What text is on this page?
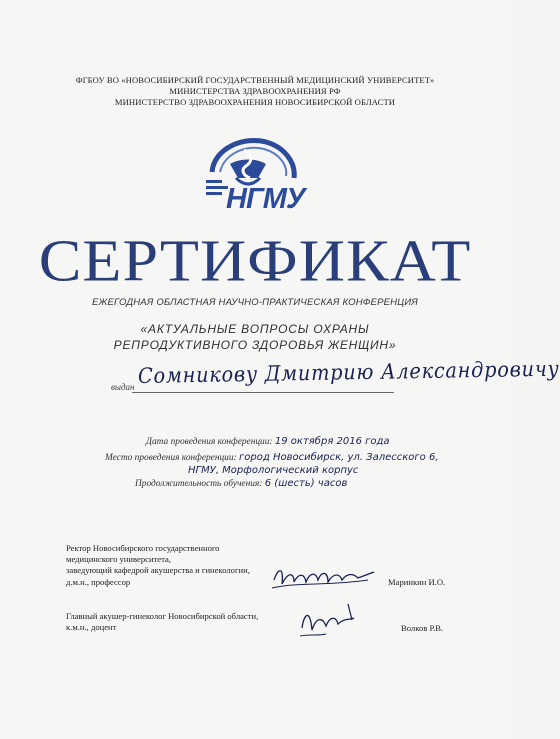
ФГБОУ ВО «НОВОСИБИРСКИЙ ГОСУДАРСТВЕННЫЙ МЕДИЦИНСКИЙ УНИВЕРСИТЕТ»
МИНИСТЕРСТВА ЗДРАВООХРАНЕНИЯ РФ
МИНИСТЕРСТВО ЗДРАВООХРАНЕНИЯ НОВОСИБИРСКОЙ ОБЛАСТИ
НГМУ
СЕРТИФИКАТ
ЕЖЕГОДНАЯ ОБЛАСТНАЯ НАУЧНО-ПРАКТИЧЕСКАЯ КОНФЕРЕНЦИЯ
«АКТУАЛЬНЫЕ ВОПРОСЫ ОХРАНЫ
РЕПРОДУКТИВНОГО ЗДОРОВЬЯ ЖЕНЩИН»
выдан Сомникову Дмитрию Александровичу
Дата проведения конференции: 19 октября 2016 года
Место проведения конференции: город Новосибирск, ул. Залесского 6,
НГМУ, Морфологический корпус
Продолжительность обучения: 6 (шесть) часов
Ректор Новосибирского государственного
медицинского университета,
заведующий кафедрой акушерства и гинекологии,
д.м.н., профессор	Маринкин И.О.
Главный акушер-гинеколог Новосибирской области,
к.м.н., доцент	Волков Р.В.
